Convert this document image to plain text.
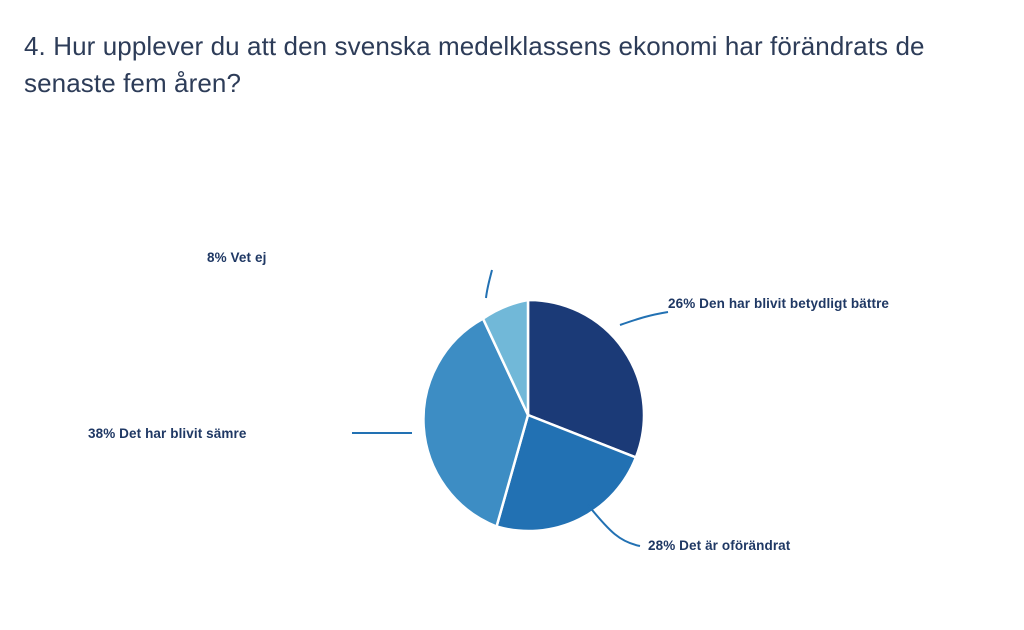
4. Hur upplever du att den svenska medelklassens ekonomi har förändrats de senaste fem åren?
8% Vet ej
26% Den har blivit betydligt bättre
38% Det har blivit sämre
28% Det är oförändrat
